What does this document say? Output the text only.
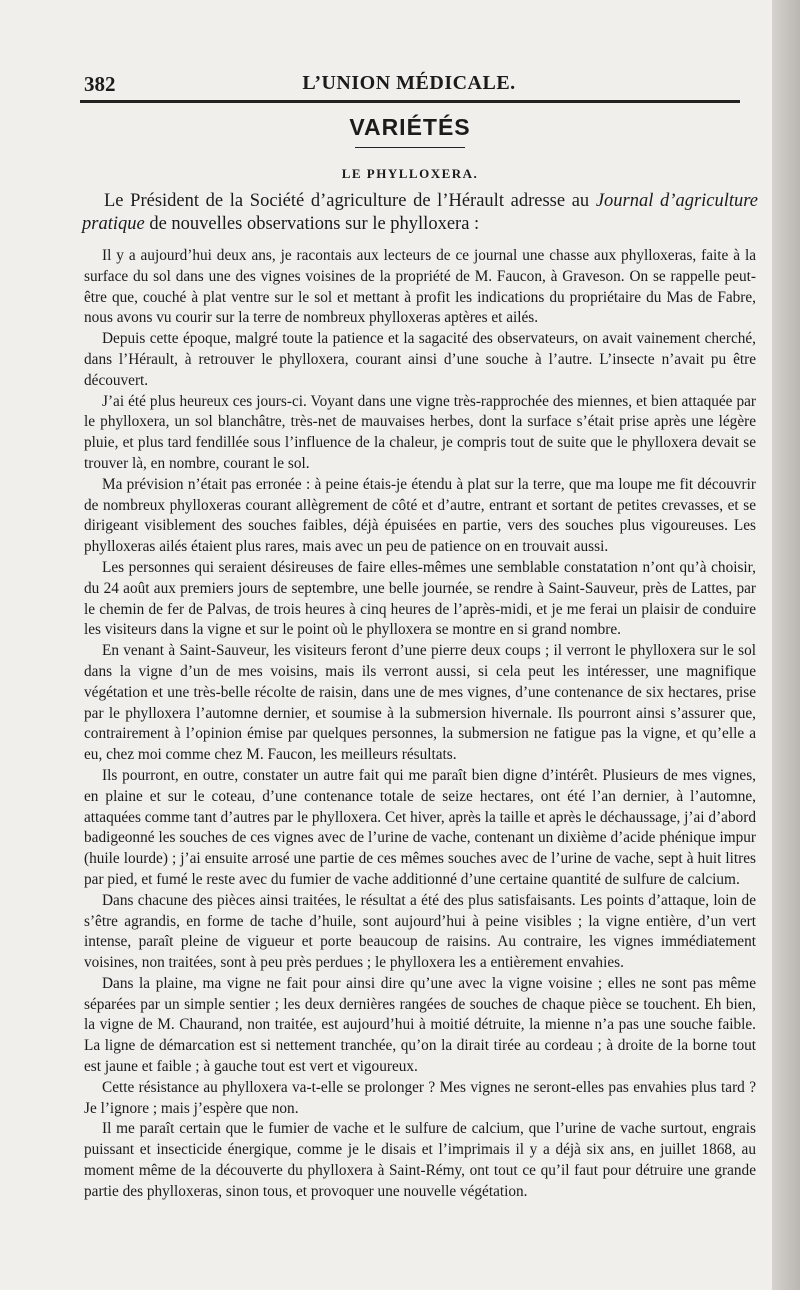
382	L’UNION MÉDICALE.
VARIÉTÉS
LE PHYLLOXERA.
Le Président de la Société d’agriculture de l’Hérault adresse au Journal d’agriculture pratique de nouvelles observations sur le phylloxera :

Il y a aujourd’hui deux ans, je racontais aux lecteurs de ce journal une chasse aux phylloxeras, faite à la surface du sol dans une des vignes voisines de la propriété de M. Faucon, à Graveson. On se rappelle peut-être que, couché à plat ventre sur le sol et mettant à profit les indications du propriétaire du Mas de Fabre, nous avons vu courir sur la terre de nombreux phylloxeras aptères et ailés.

Depuis cette époque, malgré toute la patience et la sagacité des observateurs, on avait vainement cherché, dans l’Hérault, à retrouver le phylloxera, courant ainsi d’une souche à l’autre. L’insecte n’avait pu être découvert.

J’ai été plus heureux ces jours-ci. Voyant dans une vigne très-rapprochée des miennes, et bien attaquée par le phylloxera, un sol blanchâtre, très-net de mauvaises herbes, dont la surface s’était prise après une légère pluie, et plus tard fendillée sous l’influence de la chaleur, je compris tout de suite que le phylloxera devait se trouver là, en nombre, courant le sol.

Ma prévision n’était pas erronée : à peine étais-je étendu à plat sur la terre, que ma loupe me fit découvrir de nombreux phylloxeras courant allègrement de côté et d’autre, entrant et sortant de petites crevasses, et se dirigeant visiblement des souches faibles, déjà épuisées en partie, vers des souches plus vigoureuses. Les phylloxeras ailés étaient plus rares, mais avec un peu de patience on en trouvait aussi.

Les personnes qui seraient désireuses de faire elles-mêmes une semblable constatation n’ont qu’à choisir, du 24 août aux premiers jours de septembre, une belle journée, se rendre à Saint-Sauveur, près de Lattes, par le chemin de fer de Palvas, de trois heures à cinq heures de l’après-midi, et je me ferai un plaisir de conduire les visiteurs dans la vigne et sur le point où le phylloxera se montre en si grand nombre.

En venant à Saint-Sauveur, les visiteurs feront d’une pierre deux coups ; il verront le phylloxera sur le sol dans la vigne d’un de mes voisins, mais ils verront aussi, si cela peut les intéresser, une magnifique végétation et une très-belle récolte de raisin, dans une de mes vignes, d’une contenance de six hectares, prise par le phylloxera l’automne dernier, et soumise à la submersion hivernale. Ils pourront ainsi s’assurer que, contrairement à l’opinion émise par quelques personnes, la submersion ne fatigue pas la vigne, et qu’elle a eu, chez moi comme chez M. Faucon, les meilleurs résultats.

Ils pourront, en outre, constater un autre fait qui me paraît bien digne d’intérêt. Plusieurs de mes vignes, en plaine et sur le coteau, d’une contenance totale de seize hectares, ont été l’an dernier, à l’automne, attaquées comme tant d’autres par le phylloxera. Cet hiver, après la taille et après le déchaussage, j’ai d’abord badigeonné les souches de ces vignes avec de l’urine de vache, contenant un dixième d’acide phénique impur (huile lourde) ; j’ai ensuite arrosé une partie de ces mêmes souches avec de l’urine de vache, sept à huit litres par pied, et fumé le reste avec du fumier de vache additionné d’une certaine quantité de sulfure de calcium.

Dans chacune des pièces ainsi traitées, le résultat a été des plus satisfaisants. Les points d’attaque, loin de s’être agrandis, en forme de tache d’huile, sont aujourd’hui à peine visibles ; la vigne entière, d’un vert intense, paraît pleine de vigueur et porte beaucoup de raisins. Au contraire, les vignes immédiatement voisines, non traitées, sont à peu près perdues ; le phylloxera les a entièrement envahies.

Dans la plaine, ma vigne ne fait pour ainsi dire qu’une avec la vigne voisine ; elles ne sont pas même séparées par un simple sentier ; les deux dernières rangées de souches de chaque pièce se touchent. Eh bien, la vigne de M. Chaurand, non traitée, est aujourd’hui à moitié détruite, la mienne n’a pas une souche faible. La ligne de démarcation est si nettement tranchée, qu’on la dirait tirée au cordeau ; à droite de la borne tout est jaune et faible ; à gauche tout est vert et vigoureux.

Cette résistance au phylloxera va-t-elle se prolonger ? Mes vignes ne seront-elles pas envahies plus tard ? Je l’ignore ; mais j’espère que non.

Il me paraît certain que le fumier de vache et le sulfure de calcium, que l’urine de vache surtout, engrais puissant et insecticide énergique, comme je le disais et l’imprimais il y a déjà six ans, en juillet 1868, au moment même de la découverte du phylloxera à Saint-Rémy, ont tout ce qu’il faut pour détruire une grande partie des phylloxeras, sinon tous, et provoquer une nouvelle végétation.
